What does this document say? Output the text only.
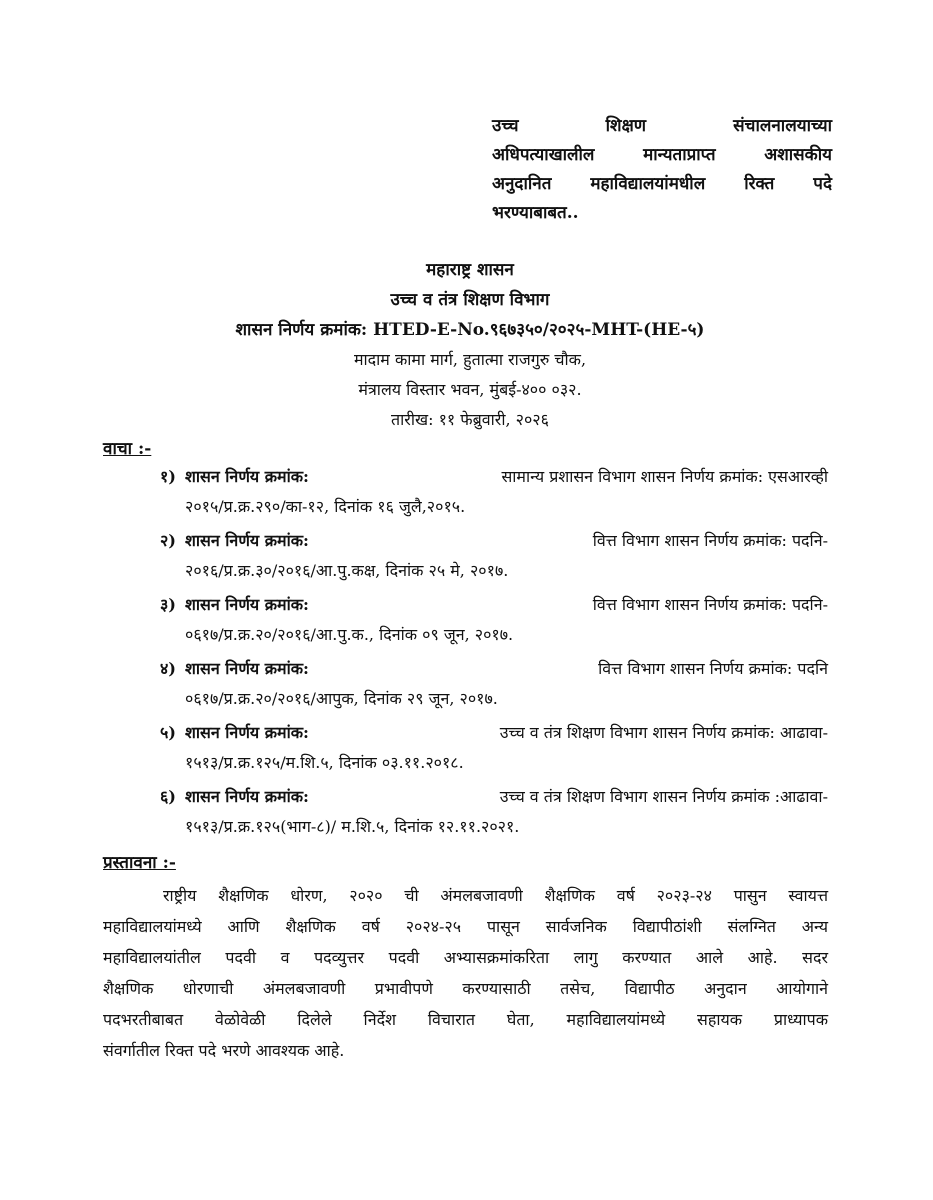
उच्च शिक्षण संचालनालयाच्या
अधिपत्याखालील मान्यताप्राप्त अशासकीय
अनुदानित महाविद्यालयांमधील रिक्त पदे
भरण्याबाबत..
महाराष्ट्र शासन
उच्च व तंत्र शिक्षण विभाग
शासन निर्णय क्रमांक: HTED-E-No.९६७३५०/२०२५-MHT-(HE-५)
मादाम कामा मार्ग, हुतात्मा राजगुरु चौक,
मंत्रालय विस्तार भवन, मुंबई-४०० ०३२.
तारीख: ११ फेब्रुवारी, २०२६
वाचा :-
१) शासन निर्णय क्रमांक:	सामान्य प्रशासन विभाग शासन निर्णय क्रमांक: एसआरव्ही
२०१५/प्र.क्र.२९०/का-१२, दिनांक १६ जुलै,२०१५.
२) शासन निर्णय क्रमांक:	वित्त विभाग शासन निर्णय क्रमांक: पदनि-
२०१६/प्र.क्र.३०/२०१६/आ.पु.कक्ष, दिनांक २५ मे, २०१७.
३) शासन निर्णय क्रमांक:	वित्त विभाग शासन निर्णय क्रमांक: पदनि-
०६१७/प्र.क्र.२०/२०१६/आ.पु.क., दिनांक ०९ जून, २०१७.
४) शासन निर्णय क्रमांक:	वित्त विभाग शासन निर्णय क्रमांक: पदनि
०६१७/प्र.क्र.२०/२०१६/आपुक, दिनांक २९ जून, २०१७.
५) शासन निर्णय क्रमांक:	उच्च व तंत्र शिक्षण विभाग शासन निर्णय क्रमांक: आढावा-
१५१३/प्र.क्र.१२५/म.शि.५, दिनांक ०३.११.२०१८.
६) शासन निर्णय क्रमांक:	उच्च व तंत्र शिक्षण विभाग शासन निर्णय क्रमांक :आढावा-
१५१३/प्र.क्र.१२५(भाग-८)/ म.शि.५, दिनांक १२.११.२०२१.
प्रस्तावना :-
राष्ट्रीय शैक्षणिक धोरण, २०२० ची अंमलबजावणी शैक्षणिक वर्ष २०२३-२४ पासुन स्वायत्त
महाविद्यालयांमध्ये आणि शैक्षणिक वर्ष २०२४-२५ पासून सार्वजनिक विद्यापीठांशी संलग्नित अन्य
महाविद्यालयांतील पदवी व पदव्युत्तर पदवी अभ्यासक्रमांकरिता लागु करण्यात आले आहे. सदर
शैक्षणिक धोरणाची अंमलबजावणी प्रभावीपणे करण्यासाठी तसेच, विद्यापीठ अनुदान आयोगाने
पदभरतीबाबत वेळोवेळी दिलेले निर्देश विचारात घेता, महाविद्यालयांमध्ये सहायक प्राध्यापक
संवर्गातील रिक्त पदे भरणे आवश्यक आहे.
